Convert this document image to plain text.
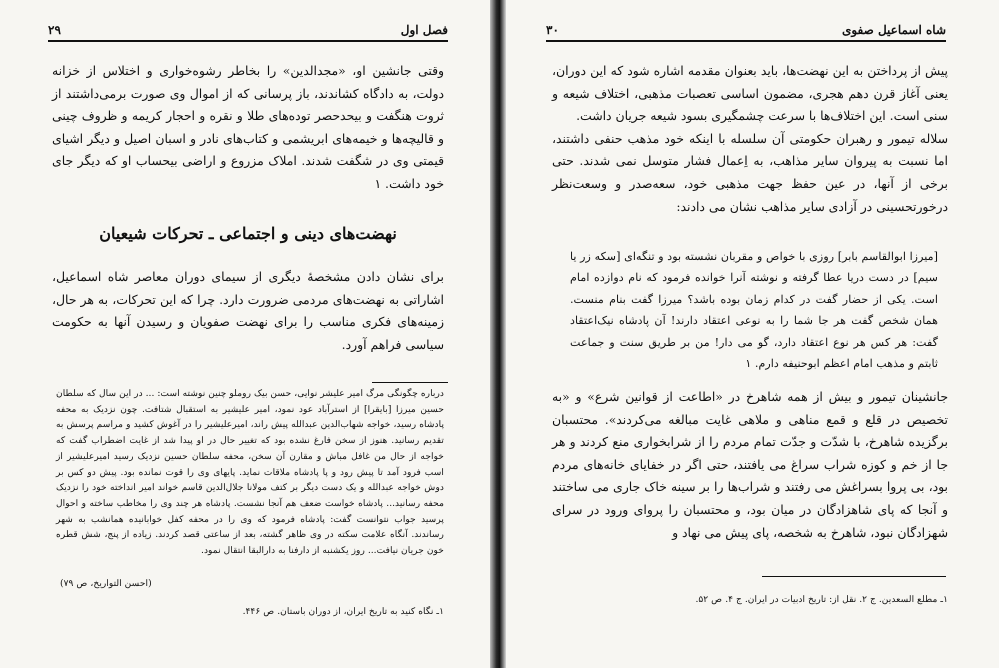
فصل اول
۲۹

وقتی جانشین او، «مجدالدین» را بخاطر رشوه‌خواری و اختلاس از خزانه دولت، به دادگاه کشاندند، باز پرسانی که از اموال وی صورت برمی‌داشتند از ثروت هنگفت و بیحد‌حصر تو‌ده‌های طلا و نقره و احجار کریمه و ظروف چینی و قالیچه‌ها و خیمه‌های ابریشمی و کتاب‌های نادر و اسبان اصیل و دیگر اشیای قیمتی وی در شگفت شدند. املاک مزروع و اراضی بیحساب او که دیگر جای خود داشت. ۱

نهضت‌های دینی و اجتماعی ـ تحرکات شیعیان

برای نشان دادن مشخصهٔ دیگری از سیمای دوران معاصر شاه اسماعیل، اشاراتی به نهضت‌های مردمی ضرورت دارد. چرا که این تحرکات، به هر حال، زمینه‌های فکری مناسب را برای نهضت صفویان و رسیدن آنها به حکومت سیاسی فراهم آورد.

درباره چگونگی مرگ امیر علیشر نوایی، حسن بیک روملو چنین نوشته است: ... در این سال که سلطان حسین میرزا [بایقرا] از استرآباد عود نمود، امیر علیشیر به استقبال شتافت. چون نزدیک به محفه پادشاه رسید، خواجه شهاب‌الدین عبدالله پیش راند، امیرعلیشیر را در آغوش کشید و مراسم پرسش به تقدیم رسانید. هنوز از سخن فارغ نشده بود که تغییر حال در او پیدا شد از غایت اضطراب گفت که خواجه از حال من غافل مباش و مقارن آن سخن، محفه سلطان حسین نزدیک رسید امیرعلیشیر از اسب فرود آمد تا پیش رود و پا پادشاه ملاقات نماید. پایهای وی را قوت نمانده بود. پیش دو کس بر دوش خواجه عبدالله و یک دست دیگر بر کتف مولانا جلال‌الدین قاسم خواند امیر انداخته خود را نزدیک محفه رسانید... پادشاه خواست ضعف هم آنجا نشست. پادشاه هر چند وی را مخاطب ساخته و احوال پرسید جواب نتوانست گفت: پادشاه فرمود که وی را در محفه کفل خوابانیده همانشب به شهر رساندند. آنگاه علامت سکته در وی ظاهر گشته، بعد از ساعتی قصد کردند. زیاده از پنج، شش قطره خون جریان نیافت... روز یکشنبه از دارفنا به دارالبقا انتقال نمود.
(احسن التواریخ، ص ۷۹)
۱ـ نگاه کنید به تاریخ ایران، از دوران باستان. ص ۴۴۶.
شاه اسماعیل صفوی
۳۰

پیش از پرداختن به این نهضت‌ها، باید بعنوان مقدمه اشاره شود که این دوران، یعنی آغاز قرن دهم هجری، مضمون اساسی تعصبات مذهبی، اختلاف شیعه و سنی است. این اختلاف‌ها با سرعت چشمگیری بسود شیعه جریان داشت.

سلاله تیمور و رهبران حکومتی آن سلسله با اینکه خود مذهب حنفی داشتند، اما نسبت به پیروان سایر مذاهب، به اِعمال فشار متوسل نمی شدند. حتی برخی از آنها، در عین حفظ جهت مذهبی خود، سعه‌صدر و وسعت‌نظر درخورتحسینی در آزادی سایر مذاهب نشان می دادند:

[میرزا ابوالقاسم بابر] روزی با خواص و مقربان نشسته بود و تنگه‌ای [سکه زر یا سیم] در دست دریا عطا گرفته و نوشته آنرا خوانده فرمود که نام دوازده امام است. یکی از حضار گفت در کدام زمان بوده باشد؟ میرزا گفت بنام منست. همان شخص گفت هر جا شما را به نوعی اعتقاد دارند! آن پادشاه نیک‌اعتقاد گفت: هر کس هر نوع اعتقاد دارد، گو می دار! من بر طریق سنت و جماعت ثابتم و مذهب امام اعظم ابوحنیفه دارم. ۱

جانشینان تیمور و بیش از همه شاهرخ در «اطاعت از قوانین شرع» و «به تخصیص در قلع و قمع مناهی و ملاهی غایت مبالغه می‌کردند». محتسبان برگزیده شاهرخ، با شدّت و جدّت تمام مردم را از شرابخواری منع کردند و هر جا از خم و کوزه شراب سراغ می یافتند، حتی اگر در خفایای خانه‌های مردم بود، بی پروا بسراغش می رفتند و شراب‌ها را بر سینه خاک جاری می ساختند و آنجا که پای شاهزادگان در میان بود، و محتسبان را پروای ورود در سرای شهزادگان نبود، شاهرخ به شخصه، پای پیش می نهاد و

۱ـ مطلع السعدین. ج ۲. نقل از: تاریخ ادبیات در ایران. ج ۴. ص ۵۲.
